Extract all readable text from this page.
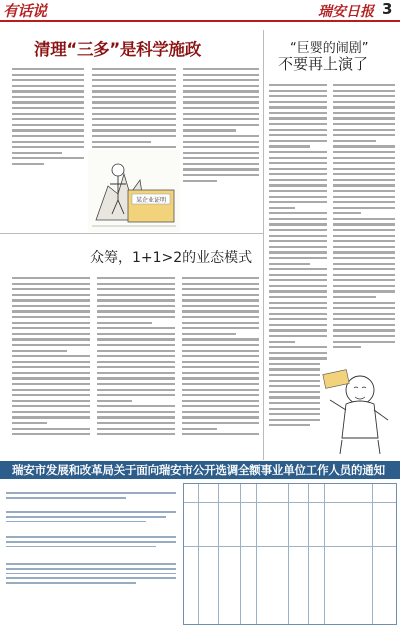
有话说	瑞安日报 3
清理“三多”是科学施政
某企业证明
众筹，1+1>2的业态模式
“巨婴的闹剧”
不要再上演了
瑞安市发展和改革局关于面向瑞安市公开选调全额事业单位工作人员的通知
